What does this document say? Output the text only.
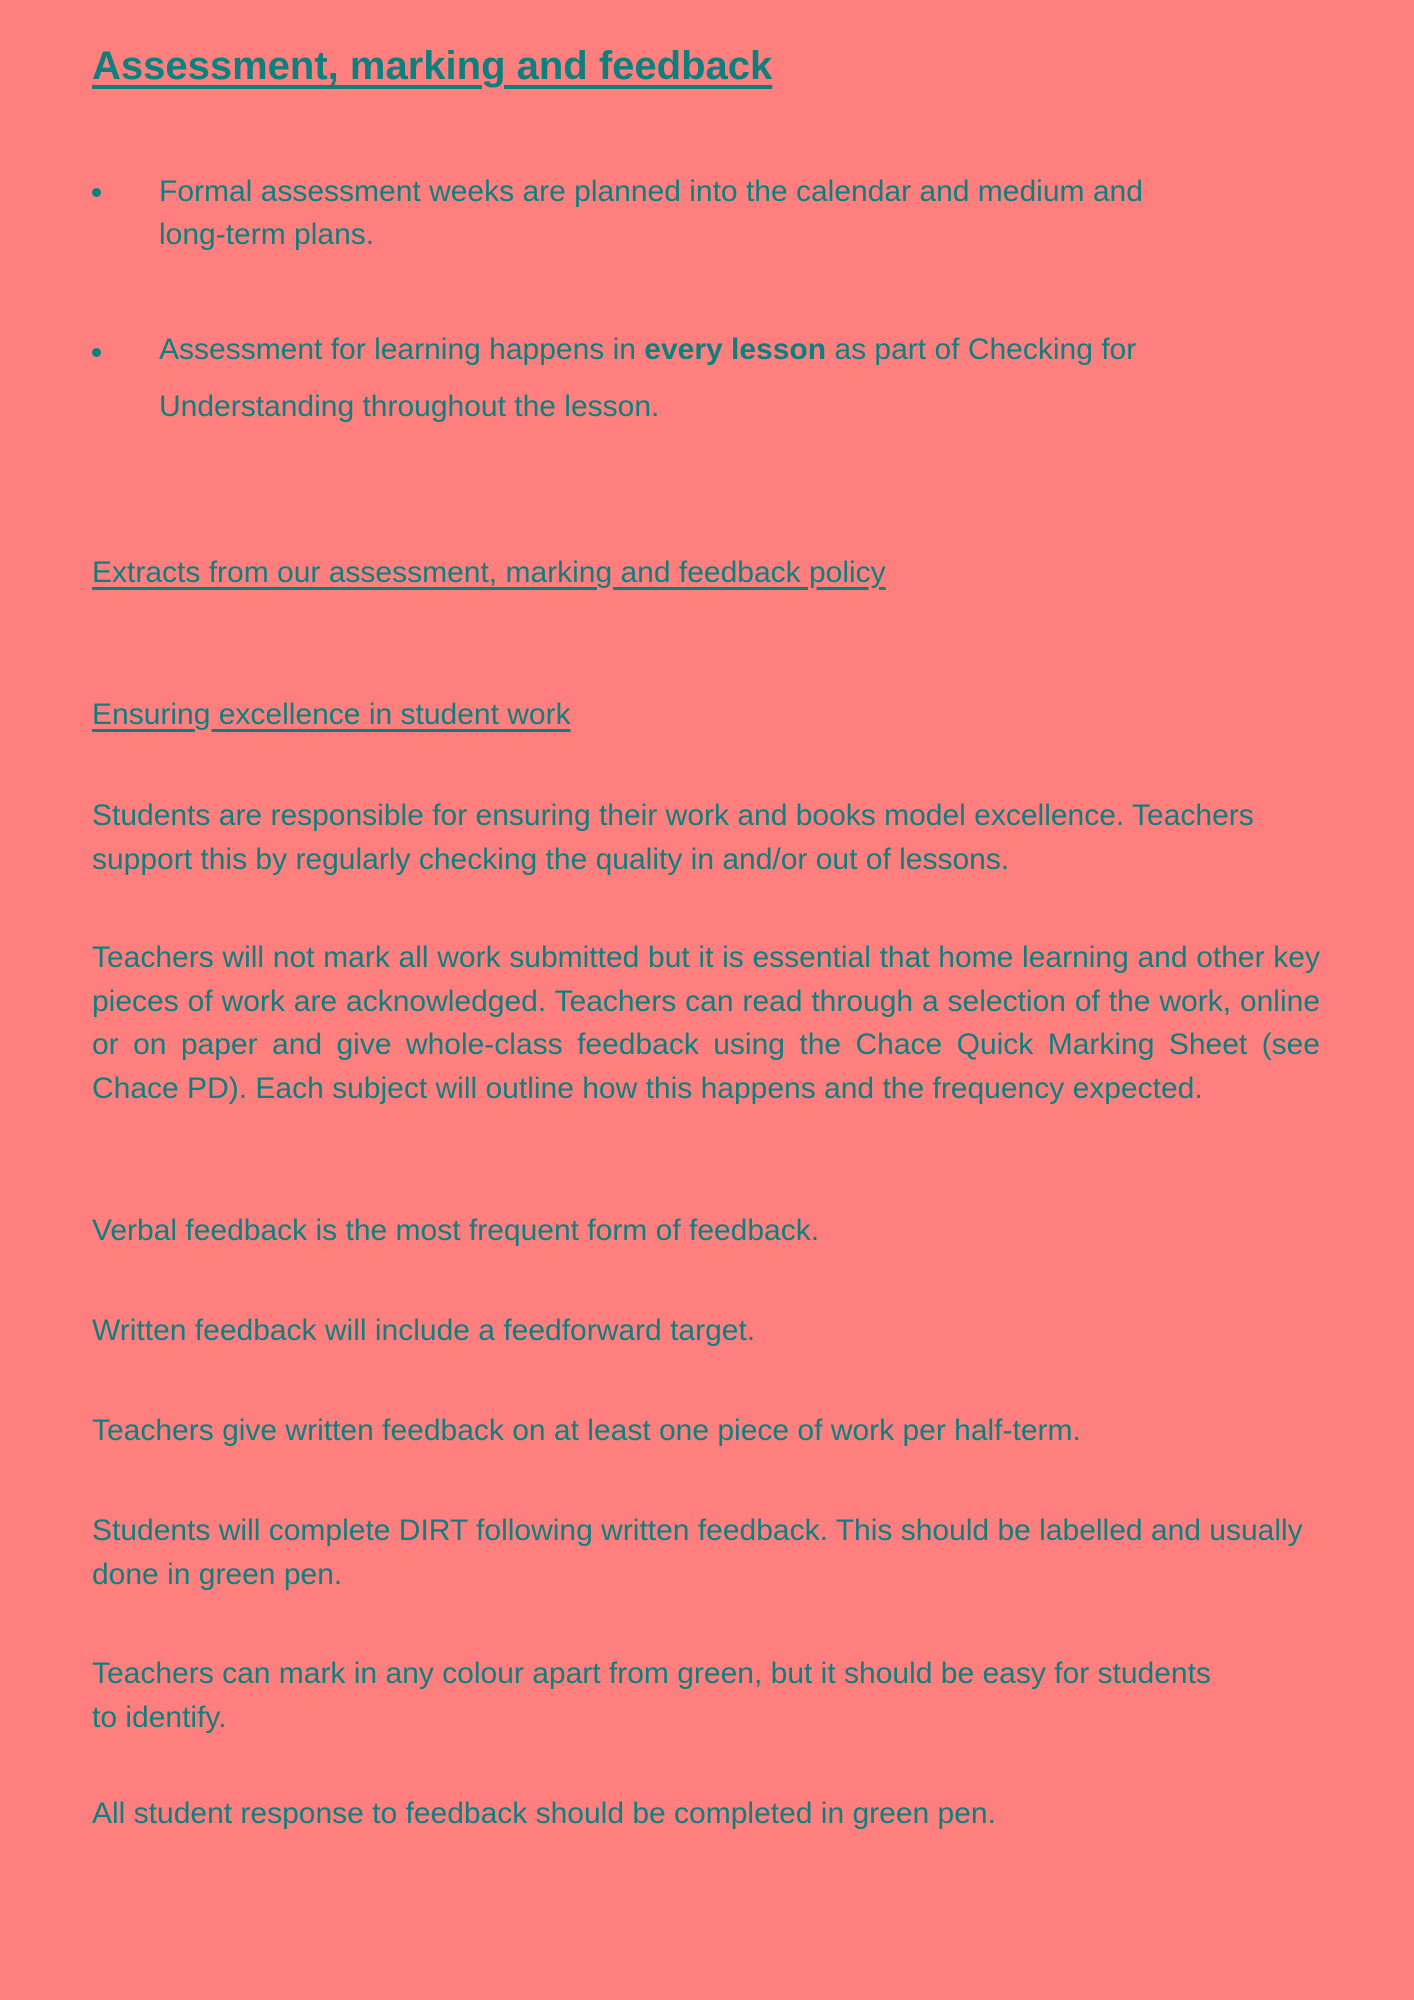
Assessment, marking and feedback
Formal assessment weeks are planned into the calendar and medium and long-term plans.
Assessment for learning happens in every lesson as part of Checking for Understanding throughout the lesson.
Extracts from our assessment, marking and feedback policy
Ensuring excellence in student work

Students are responsible for ensuring their work and books model excellence. Teachers support this by regularly checking the quality in and/or out of lessons.

Teachers will not mark all work submitted but it is essential that home learning and other key pieces of work are acknowledged. Teachers can read through a selection of the work, online or on paper and give whole-class feedback using the Chace Quick Marking Sheet (see Chace PD). Each subject will outline how this happens and the frequency expected.

Verbal feedback is the most frequent form of feedback.

Written feedback will include a feedforward target.

Teachers give written feedback on at least one piece of work per half-term.

Students will complete DIRT following written feedback. This should be labelled and usually done in green pen.

Teachers can mark in any colour apart from green, but it should be easy for students to identify.

All student response to feedback should be completed in green pen.
